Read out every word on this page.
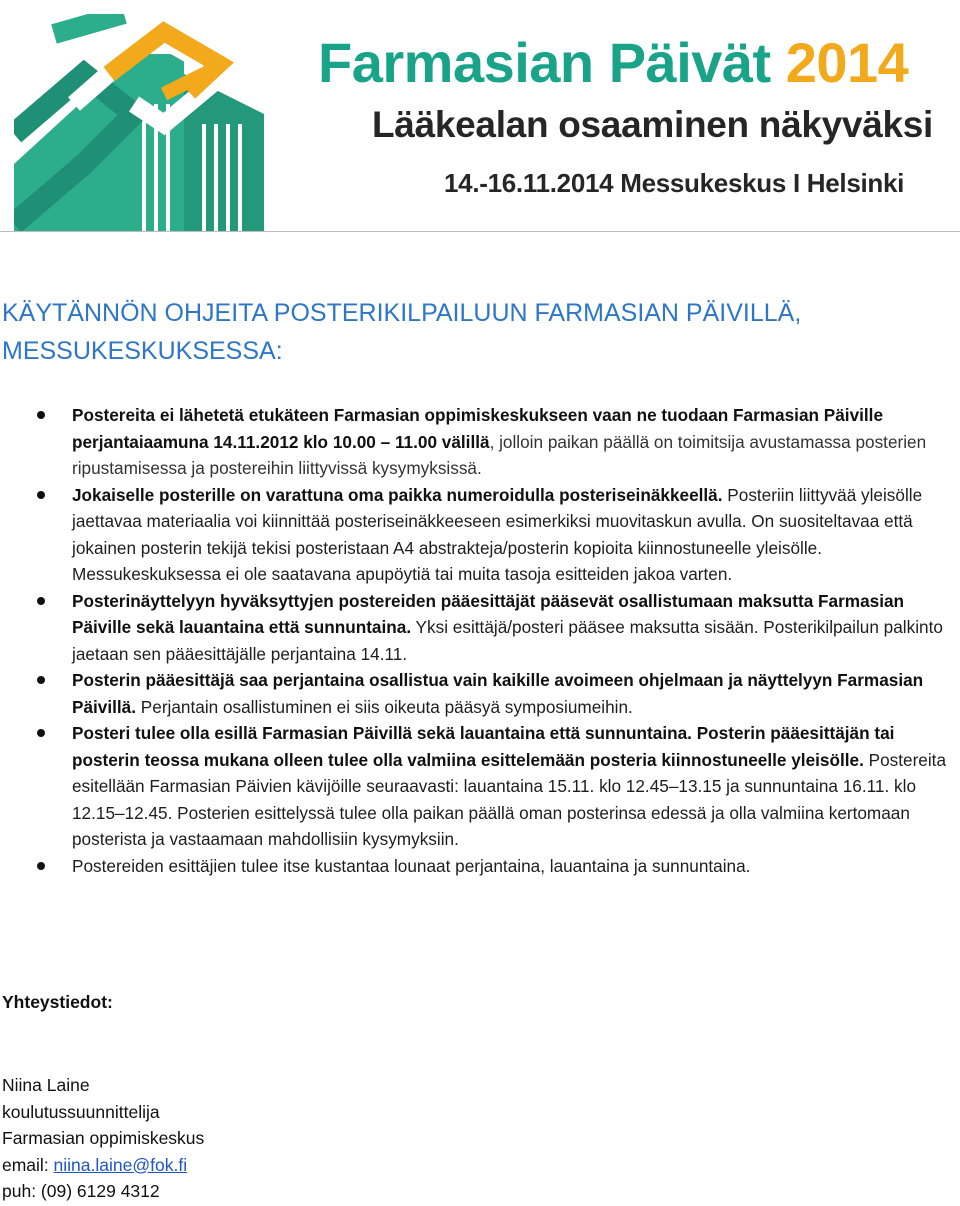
Farmasian Päivät 2014
Lääkealan osaaminen näkyväksi
14.-16.11.2014 Messukeskus I Helsinki
KÄYTÄNNÖN OHJEITA POSTERIKILPAILUUN FARMASIAN PÄIVILLÄ, MESSUKESKUKSESSA:
Postereita ei lähetetä etukäteen Farmasian oppimiskeskukseen vaan ne tuodaan Farmasian Päiville perjantaiaamuna 14.11.2012 klo 10.00 – 11.00 välillä, jolloin paikan päällä on toimitsija avustamassa posterien ripustamisessa ja postereihin liittyvissä kysymyksissä.
Jokaiselle posterille on varattuna oma paikka numeroidulla posteriseinäkkeellä. Posteriin liittyvää yleisölle jaettavaa materiaalia voi kiinnittää posteriseinäkkeeseen esimerkiksi muovitaskun avulla. On suositeltavaa että jokainen posterin tekijä tekisi posteristaan A4 abstrakteja/posterin kopioita kiinnostuneelle yleisölle. Messukeskuksessa ei ole saatavana apupöytiä tai muita tasoja esitteiden jakoa varten.
Posterinäyttelyyn hyväksyttyjen postereiden pääesittäjät pääsevät osallistumaan maksutta Farmasian Päiville sekä lauantaina että sunnuntaina. Yksi esittäjä/posteri pääsee maksutta sisään. Posterikilpailun palkinto jaetaan sen pääesittäjälle perjantaina 14.11.
Posterin pääesittäjä saa perjantaina osallistua vain kaikille avoimeen ohjelmaan ja näyttelyyn Farmasian Päivillä. Perjantain osallistuminen ei siis oikeuta pääsyä symposiumeihin.
Posteri tulee olla esillä Farmasian Päivillä sekä lauantaina että sunnuntaina. Posterin pääesittäjän tai posterin teossa mukana olleen tulee olla valmiina esittelemään posteria kiinnostuneelle yleisölle. Postereita esitellään Farmasian Päivien kävijöille seuraavasti: lauantaina 15.11. klo 12.45–13.15 ja sunnuntaina 16.11. klo 12.15–12.45. Posterien esittelyssä tulee olla paikan päällä oman posterinsa edessä ja olla valmiina kertomaan posterista ja vastaamaan mahdollisiin kysymyksiin.
Postereiden esittäjien tulee itse kustantaa lounaat perjantaina, lauantaina ja sunnuntaina.
Yhteystiedot:
Niina Laine
koulutussuunnittelija
Farmasian oppimiskeskus
email: niina.laine@fok.fi
puh: (09) 6129 4312
